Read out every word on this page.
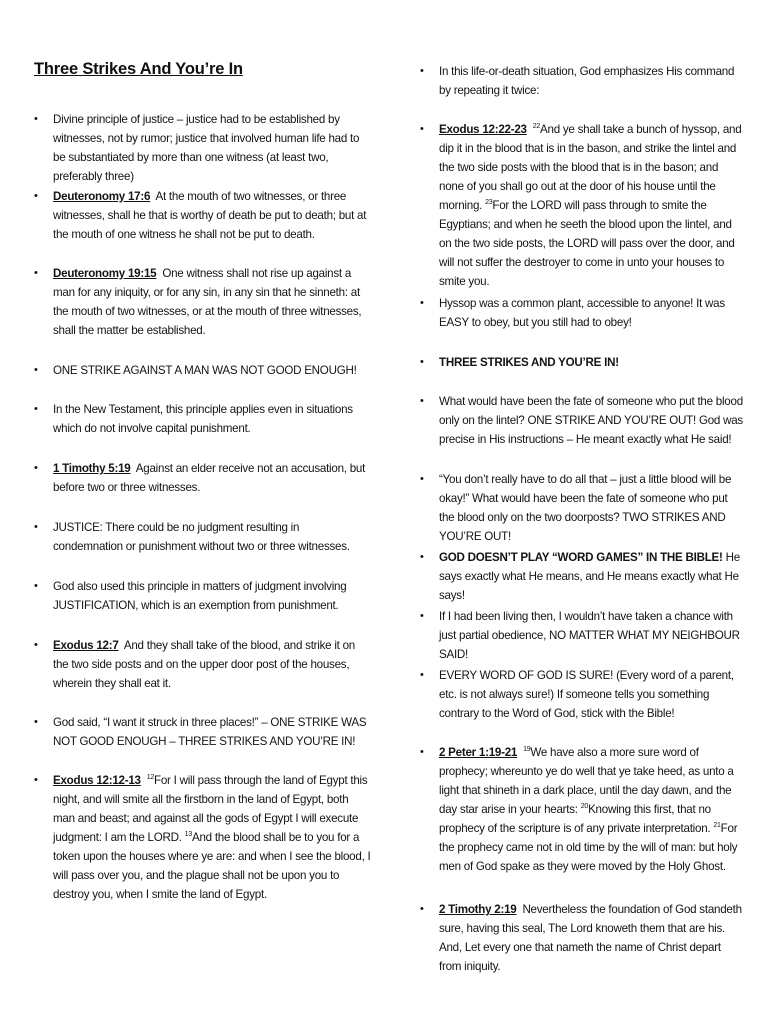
Three Strikes And You’re In

• Divine principle of justice – justice had to be established by witnesses, not by rumor; justice that involved human life had to be substantiated by more than one witness (at least two, preferably three)

• Deuteronomy 17:6 At the mouth of two witnesses, or three witnesses, shall he that is worthy of death be put to death; but at the mouth of one witness he shall not be put to death.

• Deuteronomy 19:15 One witness shall not rise up against a man for any iniquity, or for any sin, in any sin that he sinneth: at the mouth of two witnesses, or at the mouth of three witnesses, shall the matter be established.

• ONE STRIKE AGAINST A MAN WAS NOT GOOD ENOUGH!

• In the New Testament, this principle applies even in situations which do not involve capital punishment.

• 1 Timothy 5:19 Against an elder receive not an accusation, but before two or three witnesses.

• JUSTICE: There could be no judgment resulting in condemnation or punishment without two or three witnesses.

• God also used this principle in matters of judgment involving JUSTIFICATION, which is an exemption from punishment.

• Exodus 12:7 And they shall take of the blood, and strike it on the two side posts and on the upper door post of the houses, wherein they shall eat it.

• God said, “I want it struck in three places!” – ONE STRIKE WAS NOT GOOD ENOUGH – THREE STRIKES AND YOU’RE IN!

• Exodus 12:12-13 $^{12}$For I will pass through the land of Egypt this night, and will smite all the firstborn in the land of Egypt, both man and beast; and against all the gods of Egypt I will execute judgment: I am the LORD. $^{13}$And the blood shall be to you for a token upon the houses where ye are: and when I see the blood, I will pass over you, and the plague shall not be upon you to destroy you, when I smite the land of Egypt.

• In this life-or-death situation, God emphasizes His command by repeating it twice:

• Exodus 12:22-23 $^{22}$And ye shall take a bunch of hyssop, and dip it in the blood that is in the bason, and strike the lintel and the two side posts with the blood that is in the bason; and none of you shall go out at the door of his house until the morning. $^{23}$For the LORD will pass through to smite the Egyptians; and when he seeth the blood upon the lintel, and on the two side posts, the LORD will pass over the door, and will not suffer the destroyer to come in unto your houses to smite you.

• Hyssop was a common plant, accessible to anyone! It was EASY to obey, but you still had to obey!

• THREE STRIKES AND YOU’RE IN!

• What would have been the fate of someone who put the blood only on the lintel? ONE STRIKE AND YOU’RE OUT! God was precise in His instructions – He meant exactly what He said!

• “You don’t really have to do all that – just a little blood will be okay!” What would have been the fate of someone who put the blood only on the two doorposts? TWO STRIKES AND YOU’RE OUT!

• GOD DOESN’T PLAY “WORD GAMES” IN THE BIBLE! He says exactly what He means, and He means exactly what He says!

• If I had been living then, I wouldn’t have taken a chance with just partial obedience, NO MATTER WHAT MY NEIGHBOUR SAID!

• EVERY WORD OF GOD IS SURE! (Every word of a parent, etc. is not always sure!) If someone tells you something contrary to the Word of God, stick with the Bible!

• 2 Peter 1:19-21 $^{19}$We have also a more sure word of prophecy; whereunto ye do well that ye take heed, as unto a light that shineth in a dark place, until the day dawn, and the day star arise in your hearts: $^{20}$Knowing this first, that no prophecy of the scripture is of any private interpretation. $^{21}$For the prophecy came not in old time by the will of man: but holy men of God spake as they were moved by the Holy Ghost.

• 2 Timothy 2:19 Nevertheless the foundation of God standeth sure, having this seal, The Lord knoweth them that are his. And, Let every one that nameth the name of Christ depart from iniquity.
